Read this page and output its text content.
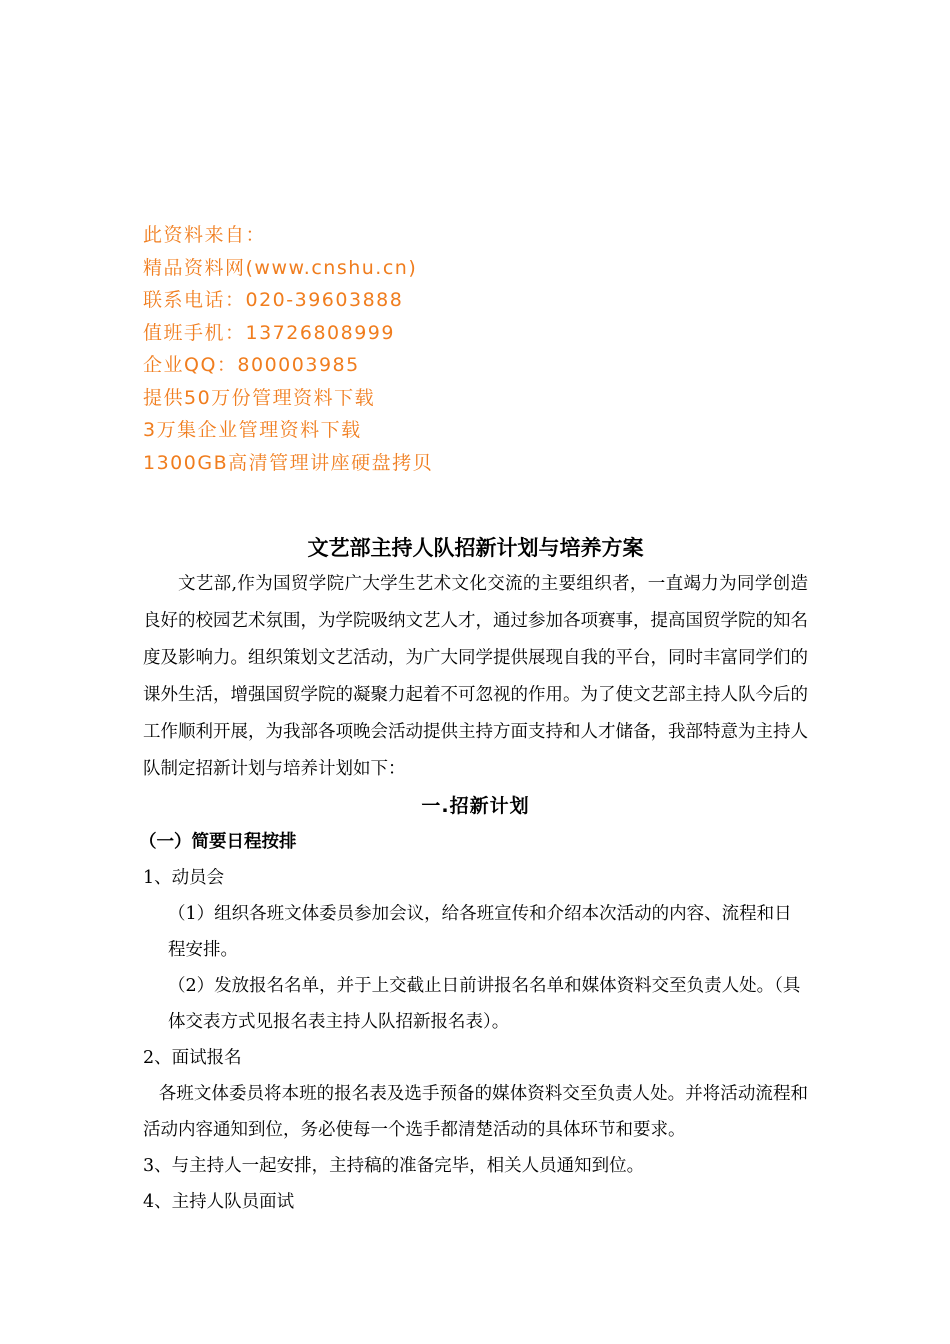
此资料来自：
精品资料网(www.cnshu.cn)
联系电话：020-39603888
值班手机：13726808999
企业QQ：800003985
提供50万份管理资料下载
3万集企业管理资料下载
1300GB高清管理讲座硬盘拷贝
文艺部主持人队招新计划与培养方案

文艺部,作为国贸学院广大学生艺术文化交流的主要组织者，一直竭力为同学创造良好的校园艺术氛围，为学院吸纳文艺人才，通过参加各项赛事，提高国贸学院的知名度及影响力。组织策划文艺活动，为广大同学提供展现自我的平台，同时丰富同学们的课外生活，增强国贸学院的凝聚力起着不可忽视的作用。为了使文艺部主持人队今后的工作顺利开展，为我部各项晚会活动提供主持方面支持和人才储备，我部特意为主持人队制定招新计划与培养计划如下：

一.招新计划
（一）简要日程按排

1、动员会

（1）组织各班文体委员参加会议，给各班宣传和介绍本次活动的内容、流程和日程安排。

（2）发放报名名单，并于上交截止日前讲报名名单和媒体资料交至负责人处。（具体交表方式见报名表主持人队招新报名表）。

2、面试报名

各班文体委员将本班的报名表及选手预备的媒体资料交至负责人处。并将活动流程和活动内容通知到位，务必使每一个选手都清楚活动的具体环节和要求。

3、与主持人一起安排，主持稿的准备完毕，相关人员通知到位。

4、主持人队员面试
